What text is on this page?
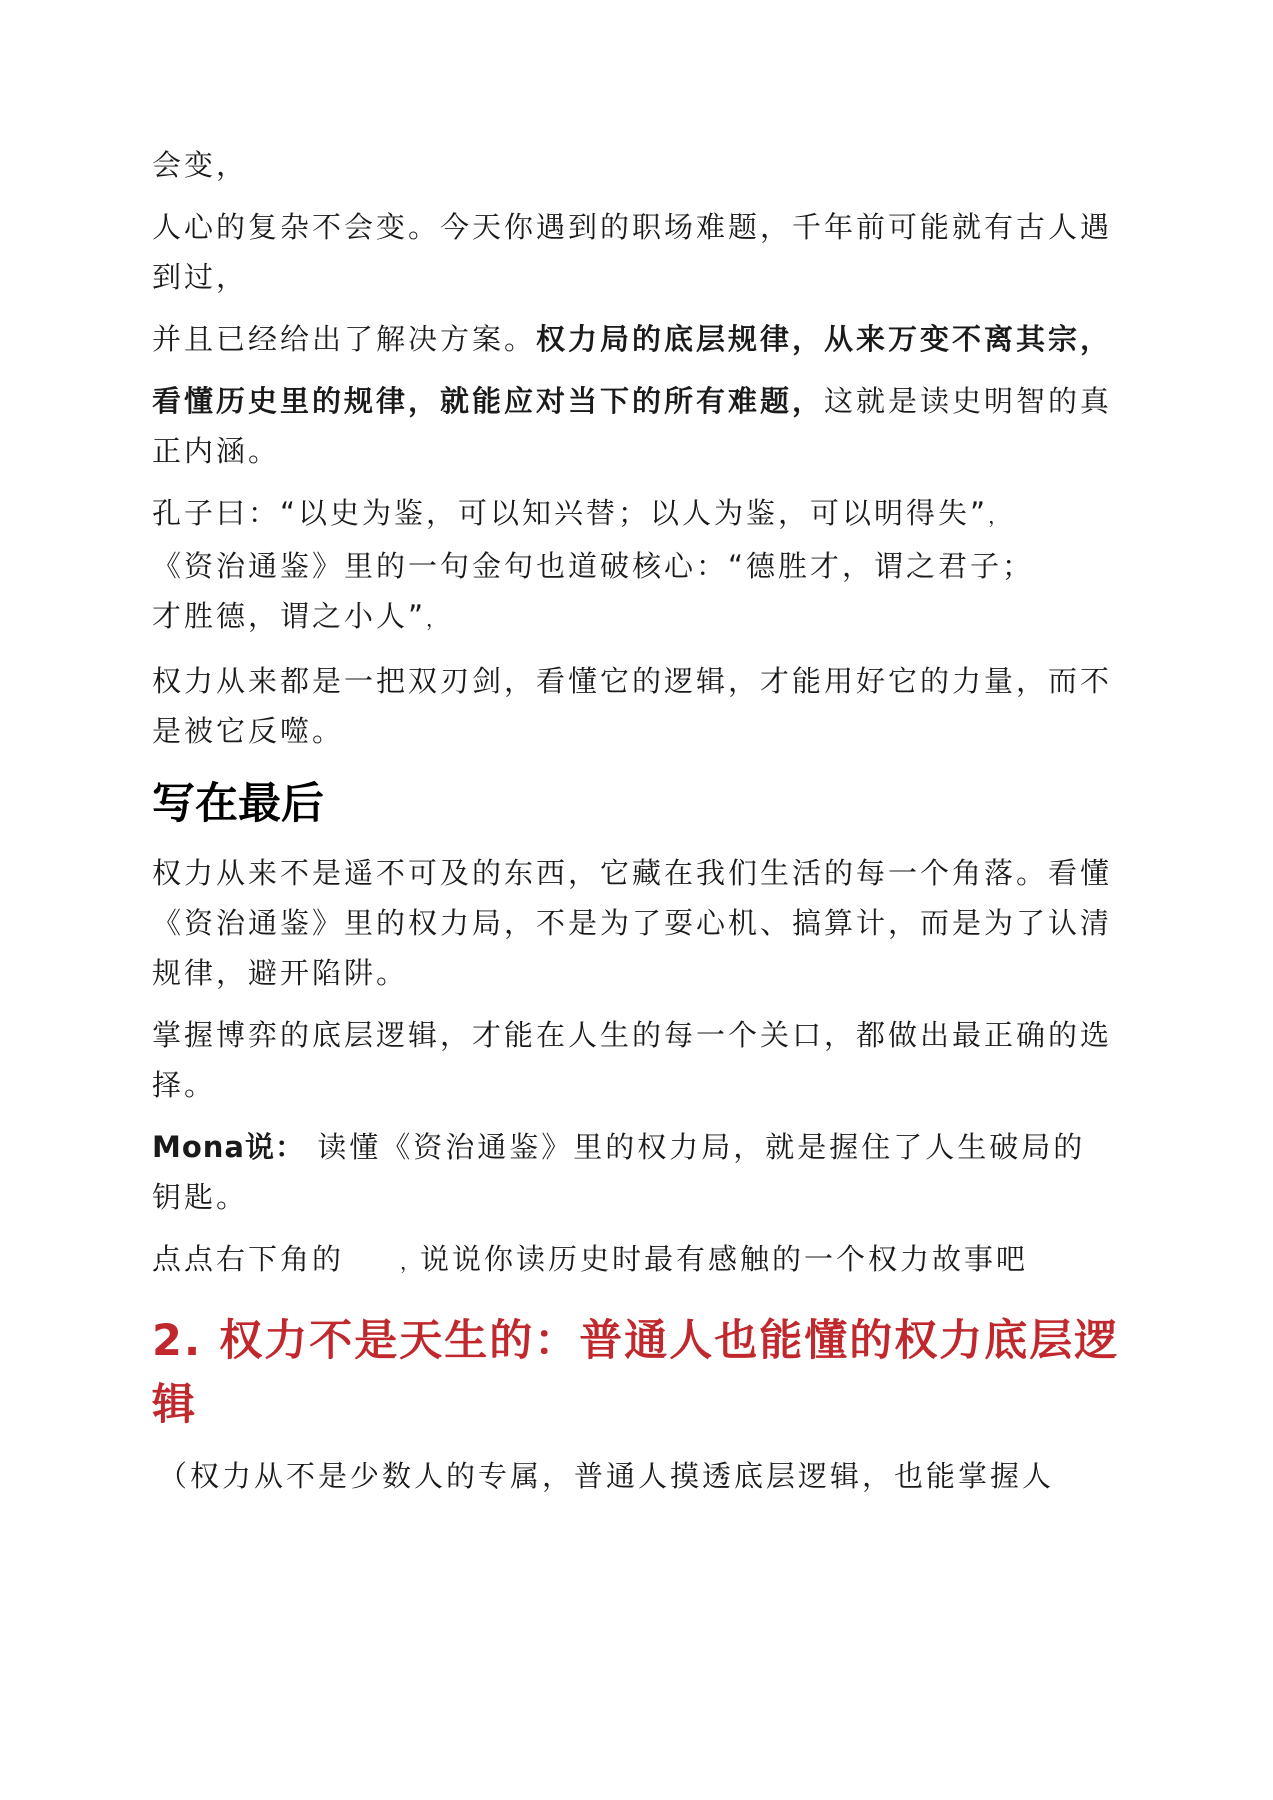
会变，

人心的复杂不会变。今天你遇到的职场难题，千年前可能就有古人遇到过，

并且已经给出了解决方案。权力局的底层规律，从来万变不离其宗，

看懂历史里的规律，就能应对当下的所有难题，这就是读史明智的真正内涵。

孔子曰：“以史为鉴，可以知兴替；以人为鉴，可以明得失”，
《资治通鉴》里的一句金句也道破核心：“德胜才，谓之君子；
才胜德，谓之小人”，

权力从来都是一把双刃剑，看懂它的逻辑，才能用好它的力量，而不是被它反噬。

写在最后

权力从来不是遥不可及的东西，它藏在我们生活的每一个角落。看懂《资治通鉴》里的权力局，不是为了耍心机、搞算计，而是为了认清规律，避开陷阱。

掌握博弈的底层逻辑，才能在人生的每一个关口，都做出最正确的选择。

Mona说： 读懂《资治通鉴》里的权力局，就是握住了人生破局的 钥匙。

点点右下角的	，说说你读历史时最有感触的一个权力故事吧

2. 权力不是天生的：普通人也能懂的权力底层逻辑

（权力从不是少数人的专属，普通人摸透底层逻辑，也能掌握人
